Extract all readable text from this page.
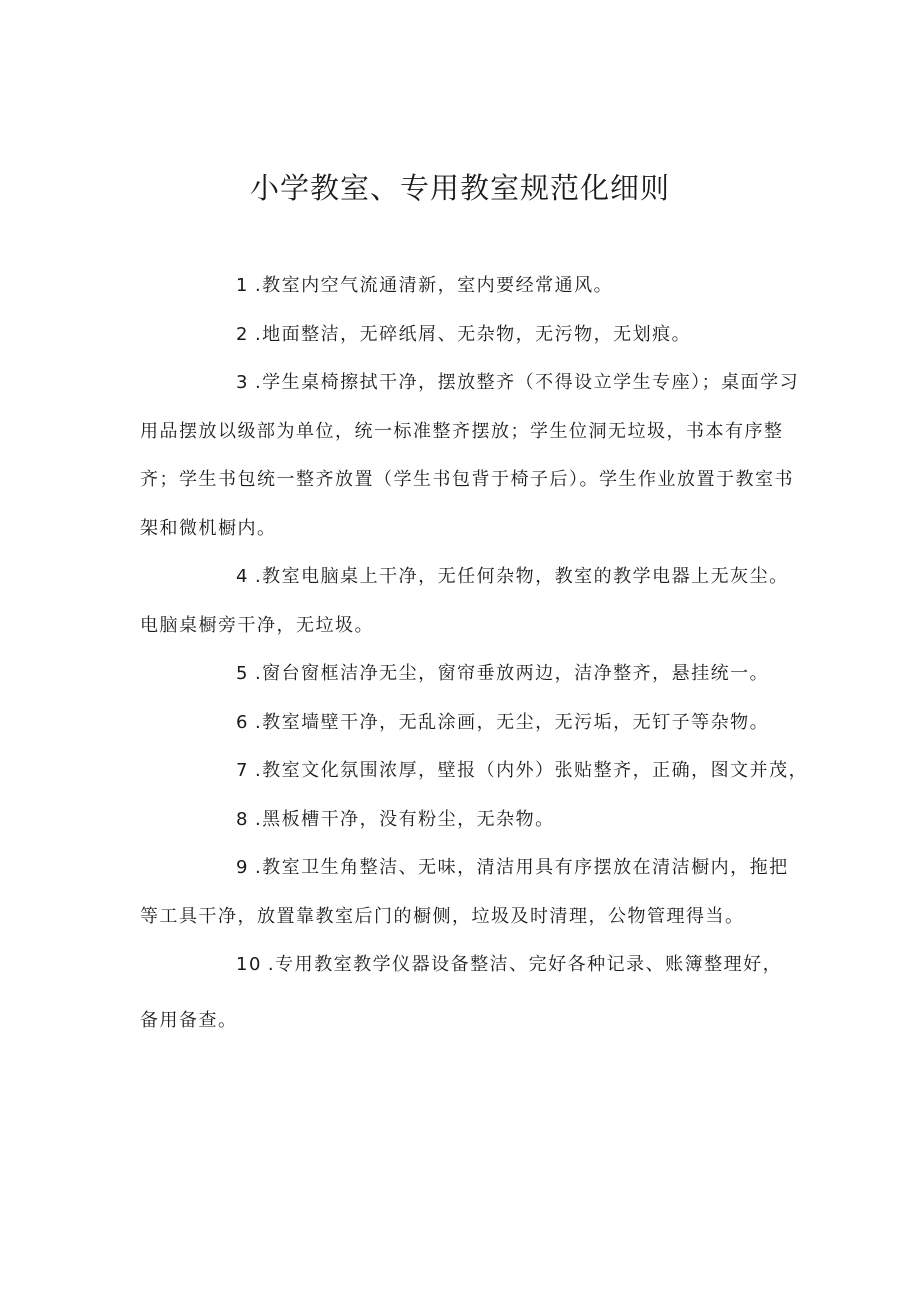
小学教室、专用教室规范化细则

1 .教室内空气流通清新，室内要经常通风。

2 .地面整洁，无碎纸屑、无杂物，无污物，无划痕。

3 .学生桌椅擦拭干净，摆放整齐（不得设立学生专座）；桌面学习用品摆放以级部为单位，统一标准整齐摆放；学生位洞无垃圾，书本有序整齐；学生书包统一整齐放置（学生书包背于椅子后）。学生作业放置于教室书架和微机橱内。

4 .教室电脑桌上干净，无任何杂物，教室的教学电器上无灰尘。电脑桌橱旁干净，无垃圾。

5 .窗台窗框洁净无尘，窗帘垂放两边，洁净整齐，悬挂统一。

6 .教室墙壁干净，无乱涂画，无尘，无污垢，无钉子等杂物。

7 .教室文化氛围浓厚，壁报（内外）张贴整齐，正确，图文并茂，

8 .黑板槽干净，没有粉尘，无杂物。

9 .教室卫生角整洁、无味，清洁用具有序摆放在清洁橱内，拖把等工具干净，放置靠教室后门的橱侧，垃圾及时清理，公物管理得当。

10 .专用教室教学仪器设备整洁、完好各种记录、账簿整理好，

备用备查。
